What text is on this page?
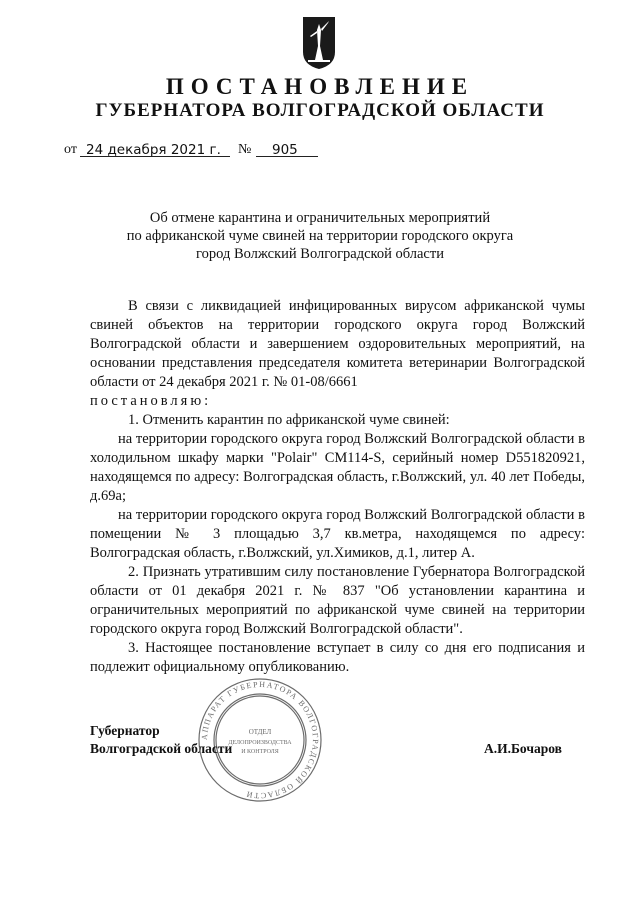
ПОСТАНОВЛЕНИЕ
ГУБЕРНАТОРА ВОЛГОГРАДСКОЙ ОБЛАСТИ
от 24 декабря 2021 г. № 905
Об отмене карантина и ограничительных мероприятий
по африканской чуме свиней на территории городского округа
город Волжский Волгоградской области

В связи с ликвидацией инфицированных вирусом африканской чумы свиней объектов на территории городского округа город Волжский Волгоградской области и завершением оздоровительных мероприятий, на основании представления председателя комитета ветеринарии Волгоградской области от 24 декабря 2021 г. № 01-08/6661

постановляю:

1. Отменить карантин по африканской чуме свиней:

на территории городского округа город Волжский Волгоградской области в холодильном шкафу марки "Polair" CM114-S, серийный номер D551820921, находящемся по адресу: Волгоградская область, г.Волжский, ул. 40 лет Победы, д.69а;

на территории городского округа город Волжский Волгоградской области в помещении № 3 площадью 3,7 кв.метра, находящемся по адресу: Волгоградская область, г.Волжский, ул.Химиков, д.1, литер А.

2. Признать утратившим силу постановление Губернатора Волгоградской области от 01 декабря 2021 г. № 837 "Об установлении карантина и ограничительных мероприятий по африканской чуме свиней на территории городского округа город Волжский Волгоградской области".

3. Настоящее постановление вступает в силу со дня его подписания и подлежит официальному опубликованию.

АППАРАТ ГУБЕРНАТОРА ВОЛГОГРАДСКОЙ ОБЛАСТИ
ОТДЕЛ
ДЕЛОПРОИЗВОДСТВА
И КОНТРОЛЯ
Губернатор
Волгоградской области	А.И.Бочаров
